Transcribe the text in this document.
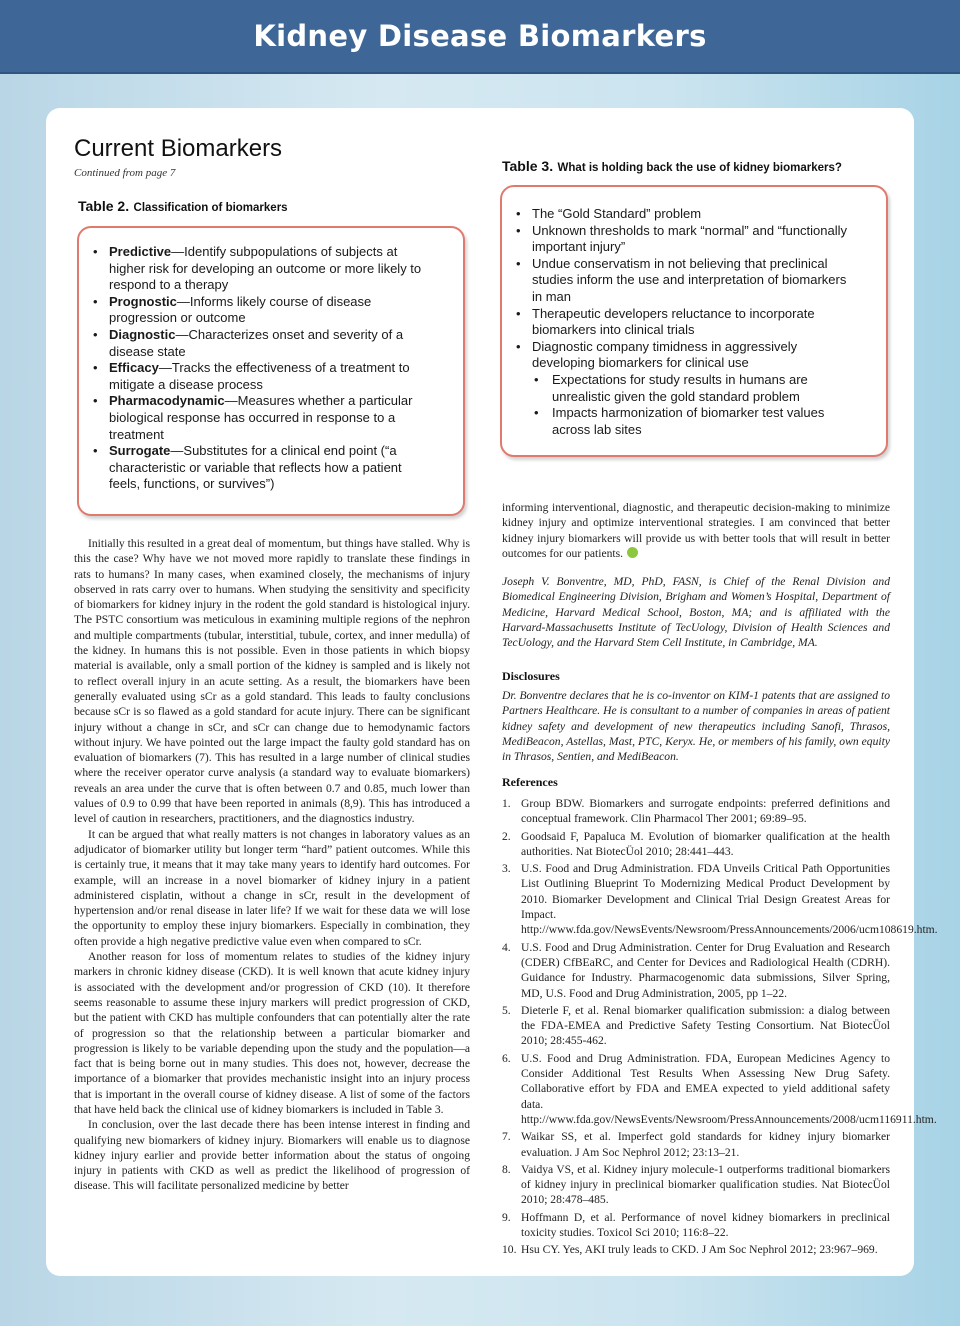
Kidney Disease Biomarkers
Current Biomarkers
Continued from page 7
Table 2. Classification of biomarkers
• Predictive—Identify subpopulations of subjects at higher risk for developing an outcome or more likely to respond to a therapy
• Prognostic—Informs likely course of disease progression or outcome
• Diagnostic—Characterizes onset and severity of a disease state
• Efficacy—Tracks the effectiveness of a treatment to mitigate a disease process
• Pharmacodynamic—Measures whether a particular biological response has occurred in response to a treatment
• Surrogate—Substitutes for a clinical end point (“a characteristic or variable that reflects how a patient feels, functions, or survives”)

Initially this resulted in a great deal of momentum, but things have stalled. Why is this the case? Why have we not moved more rapidly to translate these findings in rats to humans? In many cases, when examined closely, the mechanisms of injury observed in rats carry over to humans. When studying the sensitivity and specificity of biomarkers for kidney injury in the rodent the gold standard is histological injury. The PSTC consortium was meticulous in examining multiple regions of the nephron and multiple compartments (tubular, interstitial, tubule, cortex, and inner medulla) of the kidney. In humans this is not possible. Even in those patients in which biopsy material is available, only a small portion of the kidney is sampled and is likely not to reflect overall injury in an acute setting. As a result, the biomarkers have been generally evaluated using sCr as a gold standard. This leads to faulty conclusions because sCr is so flawed as a gold standard for acute injury. There can be significant injury without a change in sCr, and sCr can change due to hemodynamic factors without injury. We have pointed out the large impact the faulty gold standard has on evaluation of biomarkers (7). This has resulted in a large number of clinical studies where the receiver operator curve analysis (a standard way to evaluate biomarkers) reveals an area under the curve that is often between 0.7 and 0.85, much lower than values of 0.9 to 0.99 that have been reported in animals (8,9). This has introduced a level of caution in researchers, practitioners, and the diagnostics industry.

It can be argued that what really matters is not changes in laboratory values as an adjudicator of biomarker utility but longer term “hard” patient outcomes. While this is certainly true, it means that it may take many years to identify hard outcomes. For example, will an increase in a novel biomarker of kidney injury in a patient administered cisplatin, without a change in sCr, result in the development of hypertension and/or renal disease in later life? If we wait for these data we will lose the opportunity to employ these injury biomarkers. Especially in combination, they often provide a high negative predictive value even when compared to sCr.

Another reason for loss of momentum relates to studies of the kidney injury markers in chronic kidney disease (CKD). It is well known that acute kidney injury is associated with the development and/or progression of CKD (10). It therefore seems reasonable to assume these injury markers will predict progression of CKD, but the patient with CKD has multiple confounders that can potentially alter the rate of progression so that the relationship between a particular biomarker and progression is likely to be variable depending upon the study and the population—a fact that is being borne out in many studies. This does not, however, decrease the importance of a biomarker that provides mechanistic insight into an injury process that is important in the overall course of kidney disease. A list of some of the factors that have held back the clinical use of kidney biomarkers is included in Table 3.

In conclusion, over the last decade there has been intense interest in finding and qualifying new biomarkers of kidney injury. Biomarkers will enable us to diagnose kidney injury earlier and provide better information about the status of ongoing injury in patients with CKD as well as predict the likelihood of progression of disease. This will facilitate personalized medicine by better

Table 3. What is holding back the use of kidney biomarkers?
• The “Gold Standard” problem
• Unknown thresholds to mark “normal” and “functionally important injury”
• Undue conservatism in not believing that preclinical studies inform the use and interpretation of biomarkers in man
• Therapeutic developers reluctance to incorporate biomarkers into clinical trials
• Diagnostic company timidness in aggressively developing biomarkers for clinical use
• Expectations for study results in humans are unrealistic given the gold standard problem
• Impacts harmonization of biomarker test values across lab sites

informing interventional, diagnostic, and therapeutic decision-making to minimize kidney injury and optimize interventional strategies. I am convinced that better kidney injury biomarkers will provide us with better tools that will result in better outcomes for our patients.

Joseph V. Bonventre, MD, PhD, FASN, is Chief of the Renal Division and Biomedical Engineering Division, Brigham and Women’s Hospital, Department of Medicine, Harvard Medical School, Boston, MA; and is affiliated with the Harvard-Massachusetts Institute of TecUology, Division of Health Sciences and TecUology, and the Harvard Stem Cell Institute, in Cambridge, MA.

Disclosures

Dr. Bonventre declares that he is co-inventor on KIM-1 patents that are assigned to Partners Healthcare. He is consultant to a number of companies in areas of patient kidney safety and development of new therapeutics including Sanofi, Thrasos, MediBeacon, Astellas, Mast, PTC, Keryx. He, or members of his family, own equity in Thrasos, Sentien, and MediBeacon.

References
1. Group BDW. Biomarkers and surrogate endpoints: preferred definitions and conceptual framework. Clin Pharmacol Ther 2001; 69:89–95.
2. Goodsaid F, Papaluca M. Evolution of biomarker qualification at the health authorities. Nat BiotecÜol 2010; 28:441–443.
3. U.S. Food and Drug Administration. FDA Unveils Critical Path Opportunities List Outlining Blueprint To Modernizing Medical Product Development by 2010. Biomarker Development and Clinical Trial Design Greatest Areas for Impact. http://www.fda.gov/NewsEvents/Newsroom/PressAnnouncements/2006/ucm108619.htm.
4. U.S. Food and Drug Administration. Center for Drug Evaluation and Research (CDER) CfBEaRC, and Center for Devices and Radiological Health (CDRH). Guidance for Industry. Pharmacogenomic data submissions, Silver Spring, MD, U.S. Food and Drug Administration, 2005, pp 1–22.
5. Dieterle F, et al. Renal biomarker qualification submission: a dialog between the FDA-EMEA and Predictive Safety Testing Consortium. Nat BiotecÜol 2010; 28:455-462.
6. U.S. Food and Drug Administration. FDA, European Medicines Agency to Consider Additional Test Results When Assessing New Drug Safety. Collaborative effort by FDA and EMEA expected to yield additional safety data. http://www.fda.gov/NewsEvents/Newsroom/PressAnnouncements/2008/ucm116911.htm.
7. Waikar SS, et al. Imperfect gold standards for kidney injury biomarker evaluation. J Am Soc Nephrol 2012; 23:13–21.
8. Vaidya VS, et al. Kidney injury molecule-1 outperforms traditional biomarkers of kidney injury in preclinical biomarker qualification studies. Nat BiotecÜol 2010; 28:478–485.
9. Hoffmann D, et al. Performance of novel kidney biomarkers in preclinical toxicity studies. Toxicol Sci 2010; 116:8–22.
10. Hsu CY. Yes, AKI truly leads to CKD. J Am Soc Nephrol 2012; 23:967–969.
